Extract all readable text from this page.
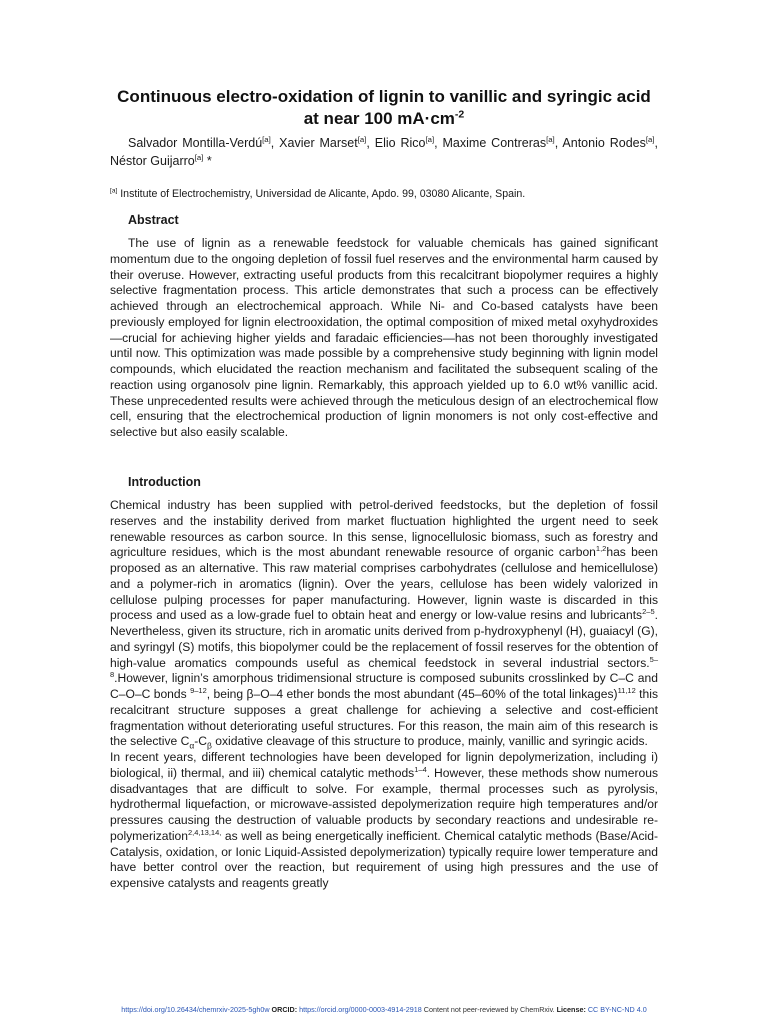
Continuous electro-oxidation of lignin to vanillic and syringic acid at near 100 $mA\cdot cm^{-2}$
Salvador Montilla-Verdú[a], Xavier Marset[a], Elio Rico[a], Maxime Contreras[a], Antonio Rodes[a], Néstor Guijarro[a] *
[a] Institute of Electrochemistry, Universidad de Alicante, Apdo. 99, 03080 Alicante, Spain.
Abstract
The use of lignin as a renewable feedstock for valuable chemicals has gained significant momentum due to the ongoing depletion of fossil fuel reserves and the environmental harm caused by their overuse. However, extracting useful products from this recalcitrant biopolymer requires a highly selective fragmentation process. This article demonstrates that such a process can be effectively achieved through an electrochemical approach. While Ni- and Co-based catalysts have been previously employed for lignin electrooxidation, the optimal composition of mixed metal oxyhydroxides—crucial for achieving higher yields and faradaic efficiencies—has not been thoroughly investigated until now. This optimization was made possible by a comprehensive study beginning with lignin model compounds, which elucidated the reaction mechanism and facilitated the subsequent scaling of the reaction using organosolv pine lignin. Remarkably, this approach yielded up to 6.0 wt% vanillic acid. These unprecedented results were achieved through the meticulous design of an electrochemical flow cell, ensuring that the electrochemical production of lignin monomers is not only cost-effective and selective but also easily scalable.
Introduction
Chemical industry has been supplied with petrol-derived feedstocks, but the depletion of fossil reserves and the instability derived from market fluctuation highlighted the urgent need to seek renewable resources as carbon source. In this sense, lignocellulosic biomass, such as forestry and agriculture residues, which is the most abundant renewable resource of organic carbon$^{1,2}$has been proposed as an alternative. This raw material comprises carbohydrates (cellulose and hemicellulose) and a polymer-rich in aromatics (lignin). Over the years, cellulose has been widely valorized in cellulose pulping processes for paper manufacturing. However, lignin waste is discarded in this process and used as a low-grade fuel to obtain heat and energy or low-value resins and lubricants$^{2-5}$. Nevertheless, given its structure, rich in aromatic units derived from p-hydroxyphenyl (H), guaiacyl (G), and syringyl (S) motifs, this biopolymer could be the replacement of fossil reserves for the obtention of high-value aromatics compounds useful as chemical feedstock in several industrial sectors.$^{5-8}$.However, lignin’s amorphous tridimensional structure is composed subunits crosslinked by C–C and C–O–C bonds $^{9-12}$, being β–O–4 ether bonds the most abundant (45–60% of the total linkages)$^{11,12}$ this recalcitrant structure supposes a great challenge for achieving a selective and cost-efficient fragmentation without deteriorating useful structures. For this reason, the main aim of this research is the selective $C_\alpha-C_\beta$ oxidative cleavage of this structure to produce, mainly, vanillic and syringic acids.
In recent years, different technologies have been developed for lignin depolymerization, including i) biological, ii) thermal, and iii) chemical catalytic methods$^{1-4}$. However, these methods show numerous disadvantages that are difficult to solve. For example, thermal processes such as pyrolysis, hydrothermal liquefaction, or microwave-assisted depolymerization require high temperatures and/or pressures causing the destruction of valuable products by secondary reactions and undesirable re-polymerization$^{2,4,13,14,}$ as well as being energetically inefficient. Chemical catalytic methods (Base/Acid-Catalysis, oxidation, or Ionic Liquid-Assisted depolymerization) typically require lower temperature and have better control over the reaction, but requirement of using high pressures and the use of expensive catalysts and reagents greatly
https://doi.org/10.26434/chemrxiv-2025-5gh0w ORCID: https://orcid.org/0000-0003-4914-2918 Content not peer-reviewed by ChemRxiv. License: CC BY-NC-ND 4.0
